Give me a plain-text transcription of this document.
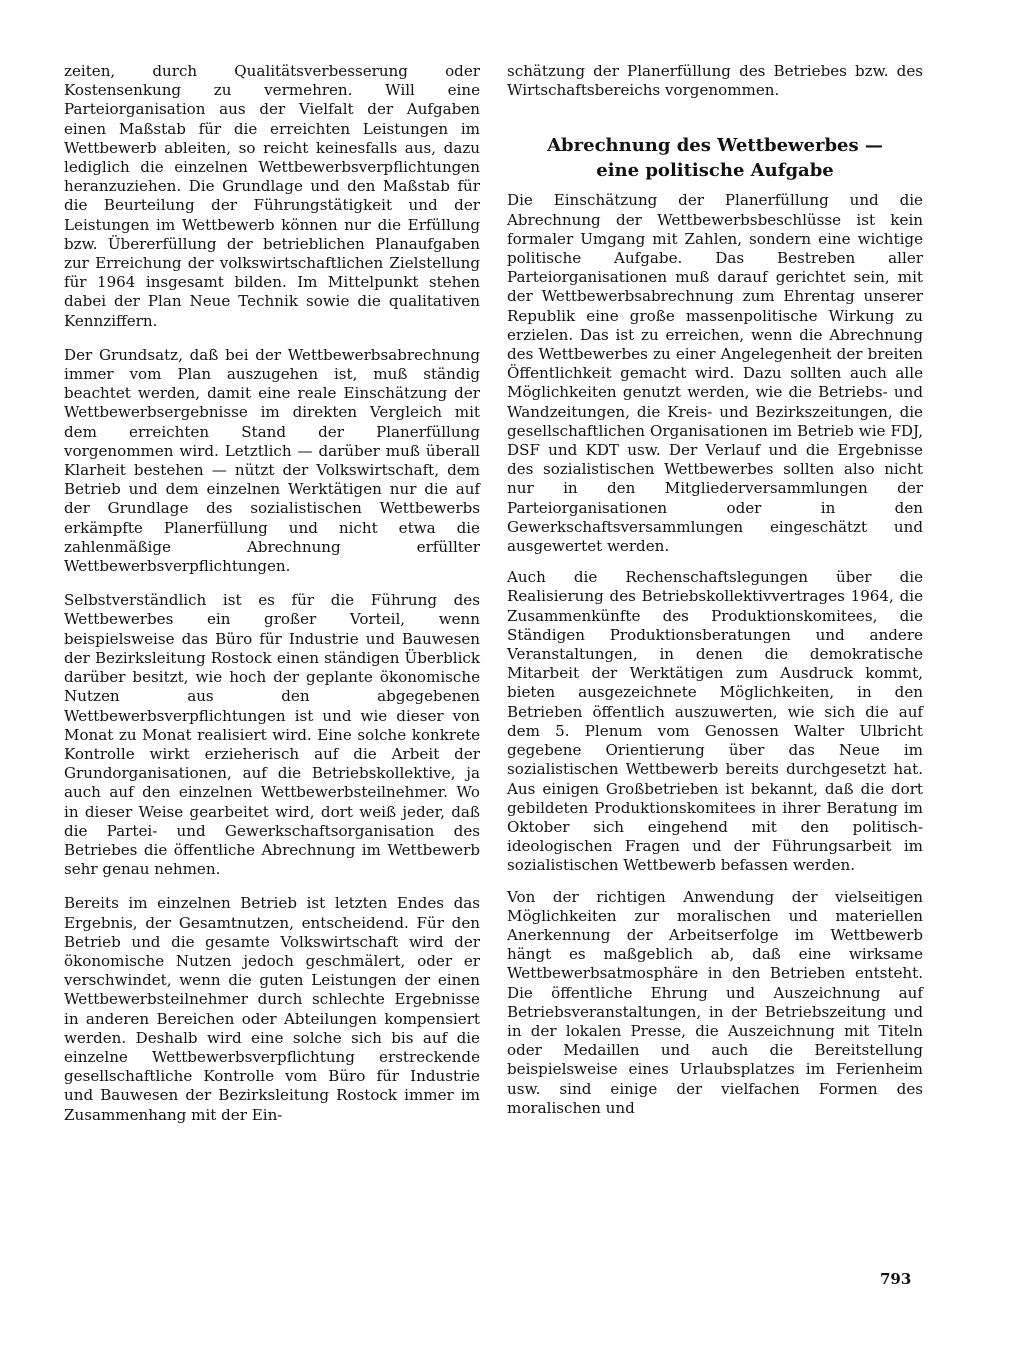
zeiten, durch Qualitätsverbesserung oder Kostensenkung zu vermehren. Will eine Parteiorganisation aus der Vielfalt der Aufgaben einen Maßstab für die erreichten Leistungen im Wettbewerb ableiten, so reicht keinesfalls aus, dazu lediglich die einzelnen Wettbewerbsverpflichtungen heranzuziehen. Die Grundlage und den Maßstab für die Beurteilung der Führungstätigkeit und der Leistungen im Wettbewerb können nur die Erfüllung bzw. Übererfüllung der betrieblichen Planaufgaben zur Erreichung der volkswirtschaftlichen Zielstellung für 1964 insgesamt bilden. Im Mittelpunkt stehen dabei der Plan Neue Technik sowie die qualitativen Kennziffern.

Der Grundsatz, daß bei der Wettbewerbsabrechnung immer vom Plan auszugehen ist, muß ständig beachtet werden, damit eine reale Einschätzung der Wettbewerbsergebnisse im direkten Vergleich mit dem erreichten Stand der Planerfüllung vorgenommen wird. Letztlich — darüber muß überall Klarheit bestehen — nützt der Volkswirtschaft, dem Betrieb und dem einzelnen Werktätigen nur die auf der Grundlage des sozialistischen Wettbewerbs erkämpfte Planerfüllung und nicht etwa die zahlenmäßige Abrechnung erfüllter Wettbewerbsverpflichtungen.

Selbstverständlich ist es für die Führung des Wettbewerbes ein großer Vorteil, wenn beispielsweise das Büro für Industrie und Bauwesen der Bezirksleitung Rostock einen ständigen Überblick darüber besitzt, wie hoch der geplante ökonomische Nutzen aus den abgegebenen Wettbewerbsverpflichtungen ist und wie dieser von Monat zu Monat realisiert wird. Eine solche konkrete Kontrolle wirkt erzieherisch auf die Arbeit der Grundorganisationen, auf die Betriebskollektive, ja auch auf den einzelnen Wettbewerbsteilnehmer. Wo in dieser Weise gearbeitet wird, dort weiß jeder, daß die Partei- und Gewerkschaftsorganisation des Betriebes die öffentliche Abrechnung im Wettbewerb sehr genau nehmen.

Bereits im einzelnen Betrieb ist letzten Endes das Ergebnis, der Gesamtnutzen, entscheidend. Für den Betrieb und die gesamte Volkswirtschaft wird der ökonomische Nutzen jedoch geschmälert, oder er verschwindet, wenn die guten Leistungen der einen Wettbewerbsteilnehmer durch schlechte Ergebnisse in anderen Bereichen oder Abteilungen kompensiert werden. Deshalb wird eine solche sich bis auf die einzelne Wettbewerbsverpflichtung erstreckende gesellschaftliche Kontrolle vom Büro für Industrie und Bauwesen der Bezirksleitung Rostock immer im Zusammenhang mit der Ein-

schätzung der Planerfüllung des Betriebes bzw. des Wirtschaftsbereichs vorgenommen.

Abrechnung des Wettbewerbes —
eine politische Aufgabe

Die Einschätzung der Planerfüllung und die Abrechnung der Wettbewerbsbeschlüsse ist kein formaler Umgang mit Zahlen, sondern eine wichtige politische Aufgabe. Das Bestreben aller Parteiorganisationen muß darauf gerichtet sein, mit der Wettbewerbsabrechnung zum Ehrentag unserer Republik eine große massenpolitische Wirkung zu erzielen. Das ist zu erreichen, wenn die Abrechnung des Wettbewerbes zu einer Angelegenheit der breiten Öffentlichkeit gemacht wird. Dazu sollten auch alle Möglichkeiten genutzt werden, wie die Betriebs- und Wandzeitungen, die Kreis- und Bezirkszeitungen, die gesellschaftlichen Organisationen im Betrieb wie FDJ, DSF und KDT usw. Der Verlauf und die Ergebnisse des sozialistischen Wettbewerbes sollten also nicht nur in den Mitgliederversammlungen der Parteiorganisationen oder in den Gewerkschaftsversammlungen eingeschätzt und ausgewertet werden.

Auch die Rechenschaftslegungen über die Realisierung des Betriebskollektivvertrages 1964, die Zusammenkünfte des Produktionskomitees, die Ständigen Produktionsberatungen und andere Veranstaltungen, in denen die demokratische Mitarbeit der Werktätigen zum Ausdruck kommt, bieten ausgezeichnete Möglichkeiten, in den Betrieben öffentlich auszuwerten, wie sich die auf dem 5. Plenum vom Genossen Walter Ulbricht gegebene Orientierung über das Neue im sozialistischen Wettbewerb bereits durchgesetzt hat. Aus einigen Großbetrieben ist bekannt, daß die dort gebildeten Produktionskomitees in ihrer Beratung im Oktober sich eingehend mit den politisch-ideologischen Fragen und der Führungsarbeit im sozialistischen Wettbewerb befassen werden.

Von der richtigen Anwendung der vielseitigen Möglichkeiten zur moralischen und materiellen Anerkennung der Arbeitserfolge im Wettbewerb hängt es maßgeblich ab, daß eine wirksame Wettbewerbsatmosphäre in den Betrieben entsteht. Die öffentliche Ehrung und Auszeichnung auf Betriebsveranstaltungen, in der Betriebszeitung und in der lokalen Presse, die Auszeichnung mit Titeln oder Medaillen und auch die Bereitstellung beispielsweise eines Urlaubsplatzes im Ferienheim usw. sind einige der vielfachen Formen des moralischen und

793
